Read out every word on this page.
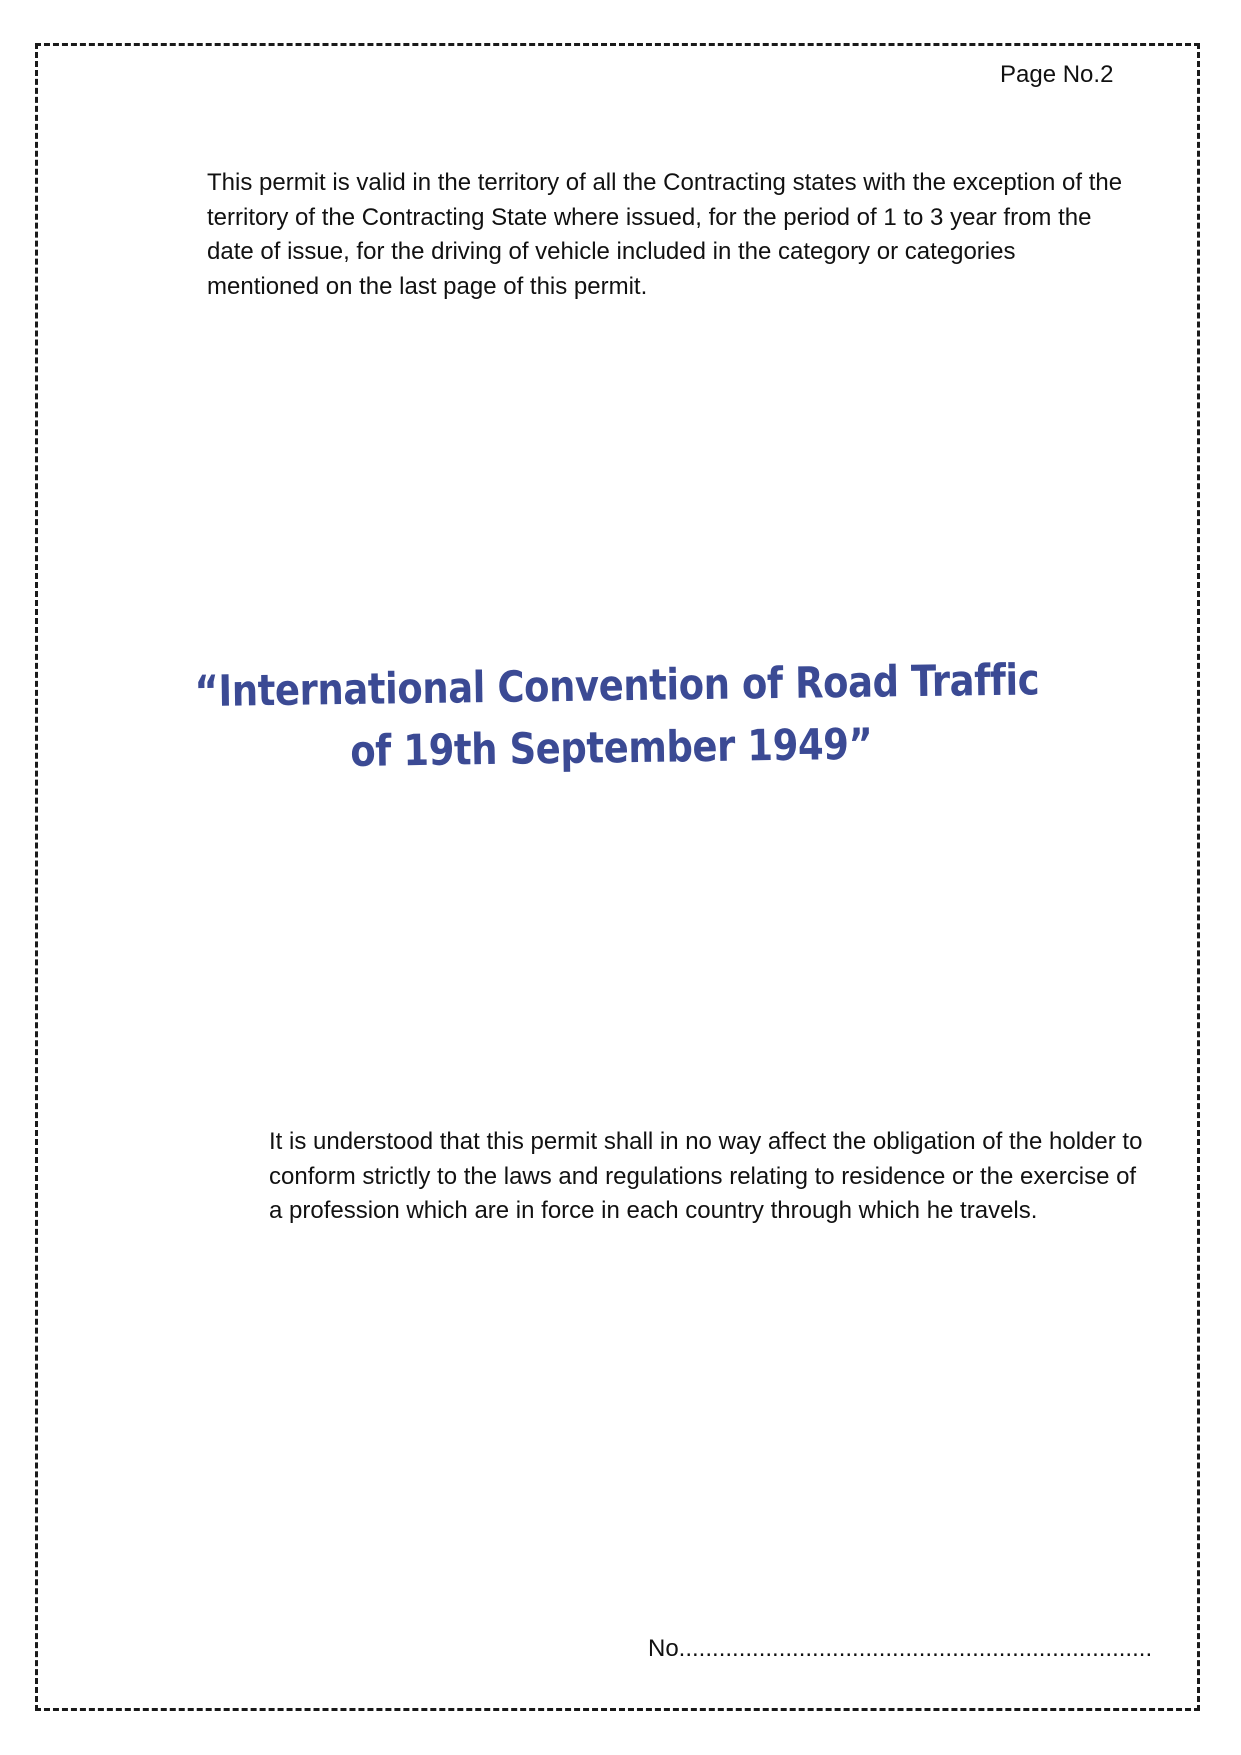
Page No.2
This permit is valid in the territory of all the Contracting states with the exception of the territory of the Contracting State where issued, for the period of 1 to 3 year from the date of issue, for the driving of vehicle included in the category or categories mentioned on the last page of this permit.
“International Convention of Road Traffic
of 19th September 1949”
It is understood that this permit shall in no way affect the obligation of the holder to conform strictly to the laws and regulations relating to residence or the exercise of a profession which are in force in each country through which he travels.
No.......................................................................
